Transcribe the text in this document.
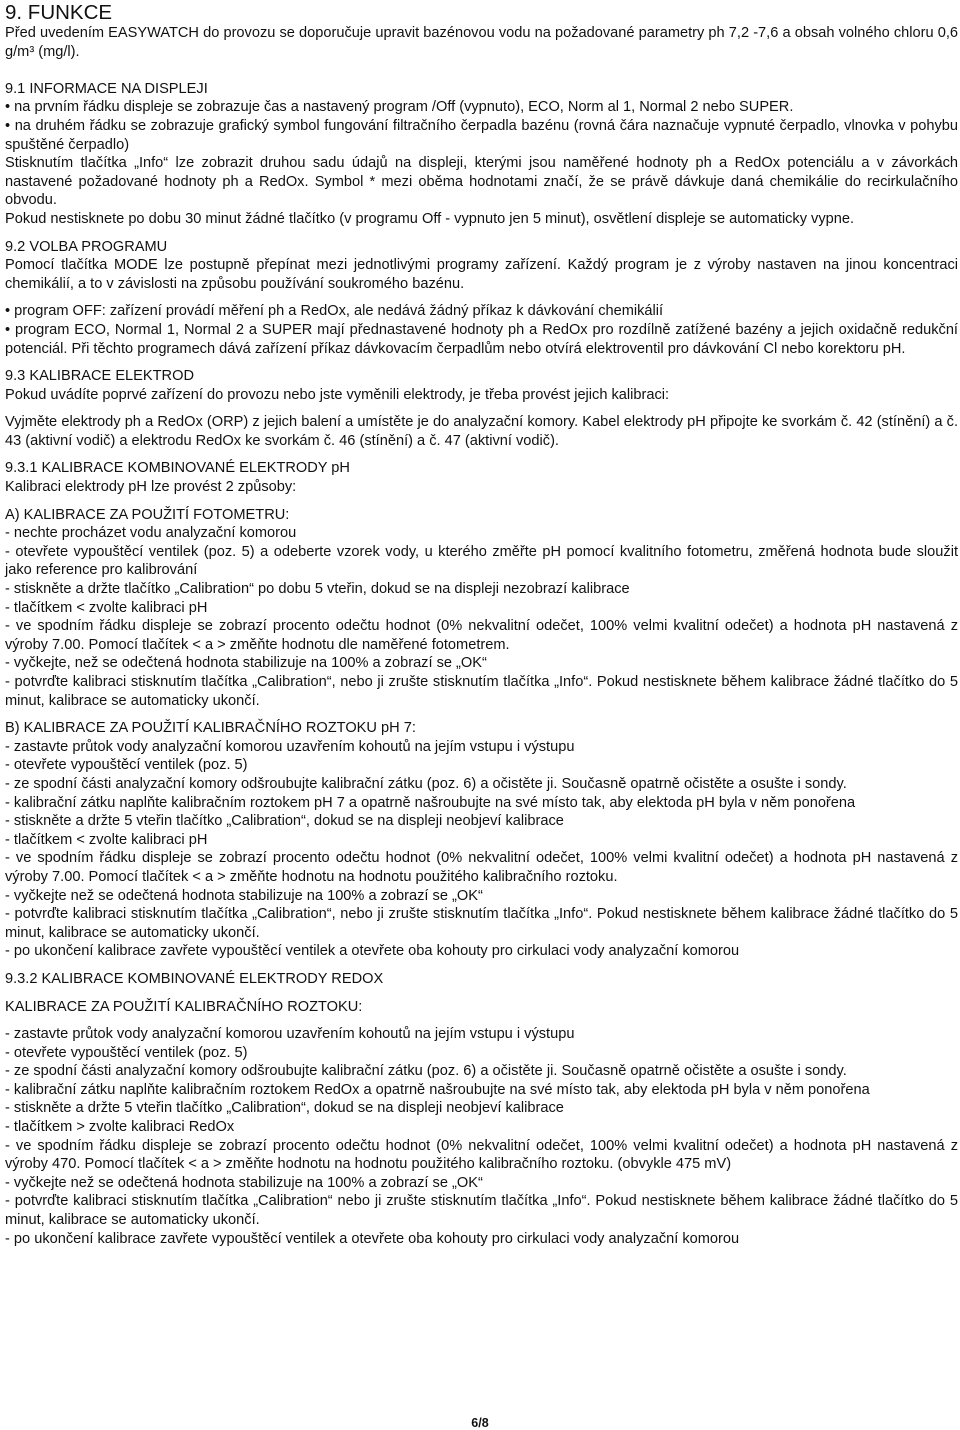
9. FUNKCE

Před uvedením EASYWATCH do provozu se doporučuje upravit bazénovou vodu na požadované parametry ph 7,2 -7,6 a obsah volného chloru 0,6 g/m³ (mg/l).

9.1 INFORMACE NA DISPLEJI

• na prvním řádku displeje se zobrazuje čas a nastavený program /Off (vypnuto), ECO, Norm al 1, Normal 2 nebo SUPER.

• na druhém řádku se zobrazuje grafický symbol fungování filtračního čerpadla bazénu (rovná čára naznačuje vypnuté čerpadlo, vlnovka v pohybu spuštěné čerpadlo)

Stisknutím tlačítka „Info“ lze zobrazit druhou sadu údajů na displeji, kterými jsou naměřené hodnoty ph a RedOx potenciálu a v závorkách nastavené požadované hodnoty ph a RedOx. Symbol * mezi oběma hodnotami značí, že se právě dávkuje daná chemikálie do recirkulačního obvodu.

Pokud nestisknete po dobu 30 minut žádné tlačítko (v programu Off - vypnuto jen 5 minut), osvětlení displeje se automaticky vypne.

9.2 VOLBA PROGRAMU

Pomocí tlačítka MODE lze postupně přepínat mezi jednotlivými programy zařízení. Každý program je z výroby nastaven na jinou koncentraci chemikálií, a to v závislosti na způsobu používání soukromého bazénu.

• program OFF: zařízení provádí měření ph a RedOx, ale nedává žádný příkaz k dávkování chemikálií

• program ECO, Normal 1, Normal 2 a SUPER mají přednastavené hodnoty ph a RedOx pro rozdílně zatížené bazény a jejich oxidačně redukční potenciál. Při těchto programech dává zařízení příkaz dávkovacím čerpadlům nebo otvírá elektroventil pro dávkování Cl nebo korektoru pH.

9.3 KALIBRACE ELEKTROD

Pokud uvádíte poprvé zařízení do provozu nebo jste vyměnili elektrody, je třeba provést jejich kalibraci:

Vyjměte elektrody ph a RedOx (ORP) z jejich balení a umístěte je do analyzační komory. Kabel elektrody pH připojte ke svorkám č. 42 (stínění) a č. 43 (aktivní vodič) a elektrodu RedOx ke svorkám č. 46 (stínění) a č. 47 (aktivní vodič).

9.3.1 KALIBRACE KOMBINOVANÉ ELEKTRODY pH

Kalibraci elektrody pH lze provést 2 způsoby:

A) KALIBRACE ZA POUŽITÍ FOTOMETRU:

- nechte procházet vodu analyzační komorou

- otevřete vypouštěcí ventilek (poz. 5) a odeberte vzorek vody, u kterého změřte pH pomocí kvalitního fotometru, změřená hodnota bude sloužit jako reference pro kalibrování

- stiskněte a držte tlačítko „Calibration“ po dobu 5 vteřin, dokud se na displeji nezobrazí kalibrace

- tlačítkem < zvolte kalibraci pH

- ve spodním řádku displeje se zobrazí procento odečtu hodnot (0% nekvalitní odečet, 100% velmi kvalitní odečet) a hodnota pH nastavená z výroby 7.00. Pomocí tlačítek < a > změňte hodnotu dle naměřené fotometrem.

- vyčkejte, než se odečtená hodnota stabilizuje na 100% a zobrazí se „OK“

- potvrďte kalibraci stisknutím tlačítka „Calibration“, nebo ji zrušte stisknutím tlačítka „Info“. Pokud nestisknete během kalibrace žádné tlačítko do 5 minut, kalibrace se automaticky ukončí.

B) KALIBRACE ZA POUŽITÍ KALIBRAČNÍHO ROZTOKU pH 7:

- zastavte průtok vody analyzační komorou uzavřením kohoutů na jejím vstupu i výstupu

- otevřete vypouštěcí ventilek (poz. 5)

- ze spodní části analyzační komory odšroubujte kalibrační zátku (poz. 6) a očistěte ji. Současně opatrně očistěte a osušte i sondy.

- kalibrační zátku naplňte kalibračním roztokem pH 7 a opatrně našroubujte na své místo tak, aby elektoda pH byla v něm ponořena

- stiskněte a držte 5 vteřin tlačítko „Calibration“, dokud se na displeji neobjeví kalibrace

- tlačítkem < zvolte kalibraci pH

- ve spodním řádku displeje se zobrazí procento odečtu hodnot (0% nekvalitní odečet, 100% velmi kvalitní odečet) a hodnota pH nastavená z výroby 7.00. Pomocí tlačítek < a > změňte hodnotu na hodnotu použitého kalibračního roztoku.

- vyčkejte než se odečtená hodnota stabilizuje na 100% a zobrazí se „OK“

- potvrďte kalibraci stisknutím tlačítka „Calibration“, nebo ji zrušte stisknutím tlačítka „Info“. Pokud nestisknete během kalibrace žádné tlačítko do 5 minut, kalibrace se automaticky ukončí.

- po ukončení kalibrace zavřete vypouštěcí ventilek a otevřete oba kohouty pro cirkulaci vody analyzační komorou

9.3.2 KALIBRACE KOMBINOVANÉ ELEKTRODY REDOX

KALIBRACE ZA POUŽITÍ KALIBRAČNÍHO ROZTOKU:

- zastavte průtok vody analyzační komorou uzavřením kohoutů na jejím vstupu i výstupu

- otevřete vypouštěcí ventilek (poz. 5)

- ze spodní části analyzační komory odšroubujte kalibrační zátku (poz. 6) a očistěte ji. Současně opatrně očistěte a osušte i sondy.

- kalibrační zátku naplňte kalibračním roztokem RedOx a opatrně našroubujte na své místo tak, aby elektoda pH byla v něm ponořena

- stiskněte a držte 5 vteřin tlačítko „Calibration“, dokud se na displeji neobjeví kalibrace

- tlačítkem > zvolte kalibraci RedOx

- ve spodním řádku displeje se zobrazí procento odečtu hodnot (0% nekvalitní odečet, 100% velmi kvalitní odečet) a hodnota pH nastavená z výroby 470. Pomocí tlačítek < a > změňte hodnotu na hodnotu použitého kalibračního roztoku. (obvykle 475 mV)

- vyčkejte než se odečtená hodnota stabilizuje na 100% a zobrazí se „OK“

- potvrďte kalibraci stisknutím tlačítka „Calibration“ nebo ji zrušte stisknutím tlačítka „Info“. Pokud nestisknete během kalibrace žádné tlačítko do 5 minut, kalibrace se automaticky ukončí.

- po ukončení kalibrace zavřete vypouštěcí ventilek a otevřete oba kohouty pro cirkulaci vody analyzační komorou

6/8
